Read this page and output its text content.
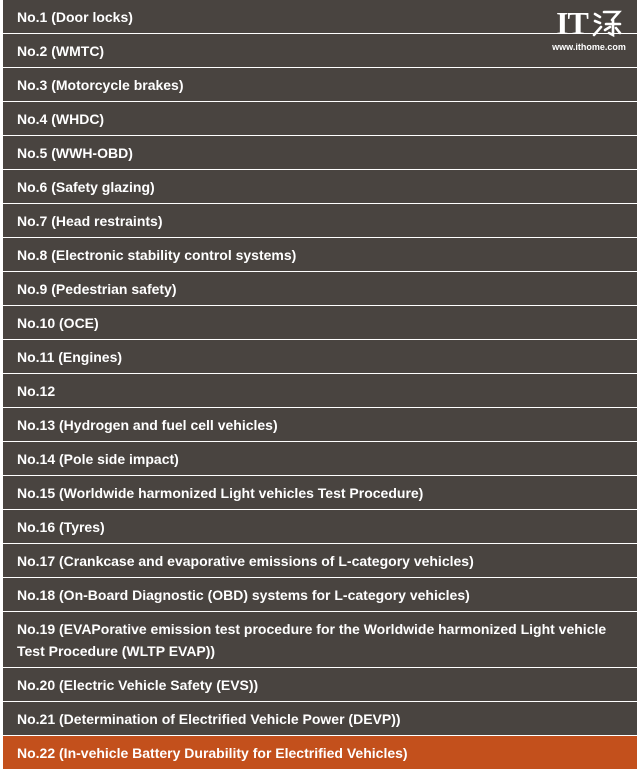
No.1 (Door locks)
No.2 (WMTC)
No.3 (Motorcycle brakes)
No.4 (WHDC)
No.5 (WWH-OBD)
No.6 (Safety glazing)
No.7 (Head restraints)
No.8 (Electronic stability control systems)
No.9 (Pedestrian safety)
No.10 (OCE)
No.11 (Engines)
No.12
No.13 (Hydrogen and fuel cell vehicles)
No.14 (Pole side impact)
No.15 (Worldwide harmonized Light vehicles Test Procedure)
No.16 (Tyres)
No.17 (Crankcase and evaporative emissions of L-category vehicles)
No.18 (On-Board Diagnostic (OBD) systems for L-category vehicles)
No.19 (EVAPorative emission test procedure for the Worldwide harmonized Light vehicle Test Procedure (WLTP EVAP))
No.20 (Electric Vehicle Safety (EVS))
No.21 (Determination of Electrified Vehicle Power (DEVP))
No.22 (In-vehicle Battery Durability for Electrified Vehicles)
IT
www.ithome.com
